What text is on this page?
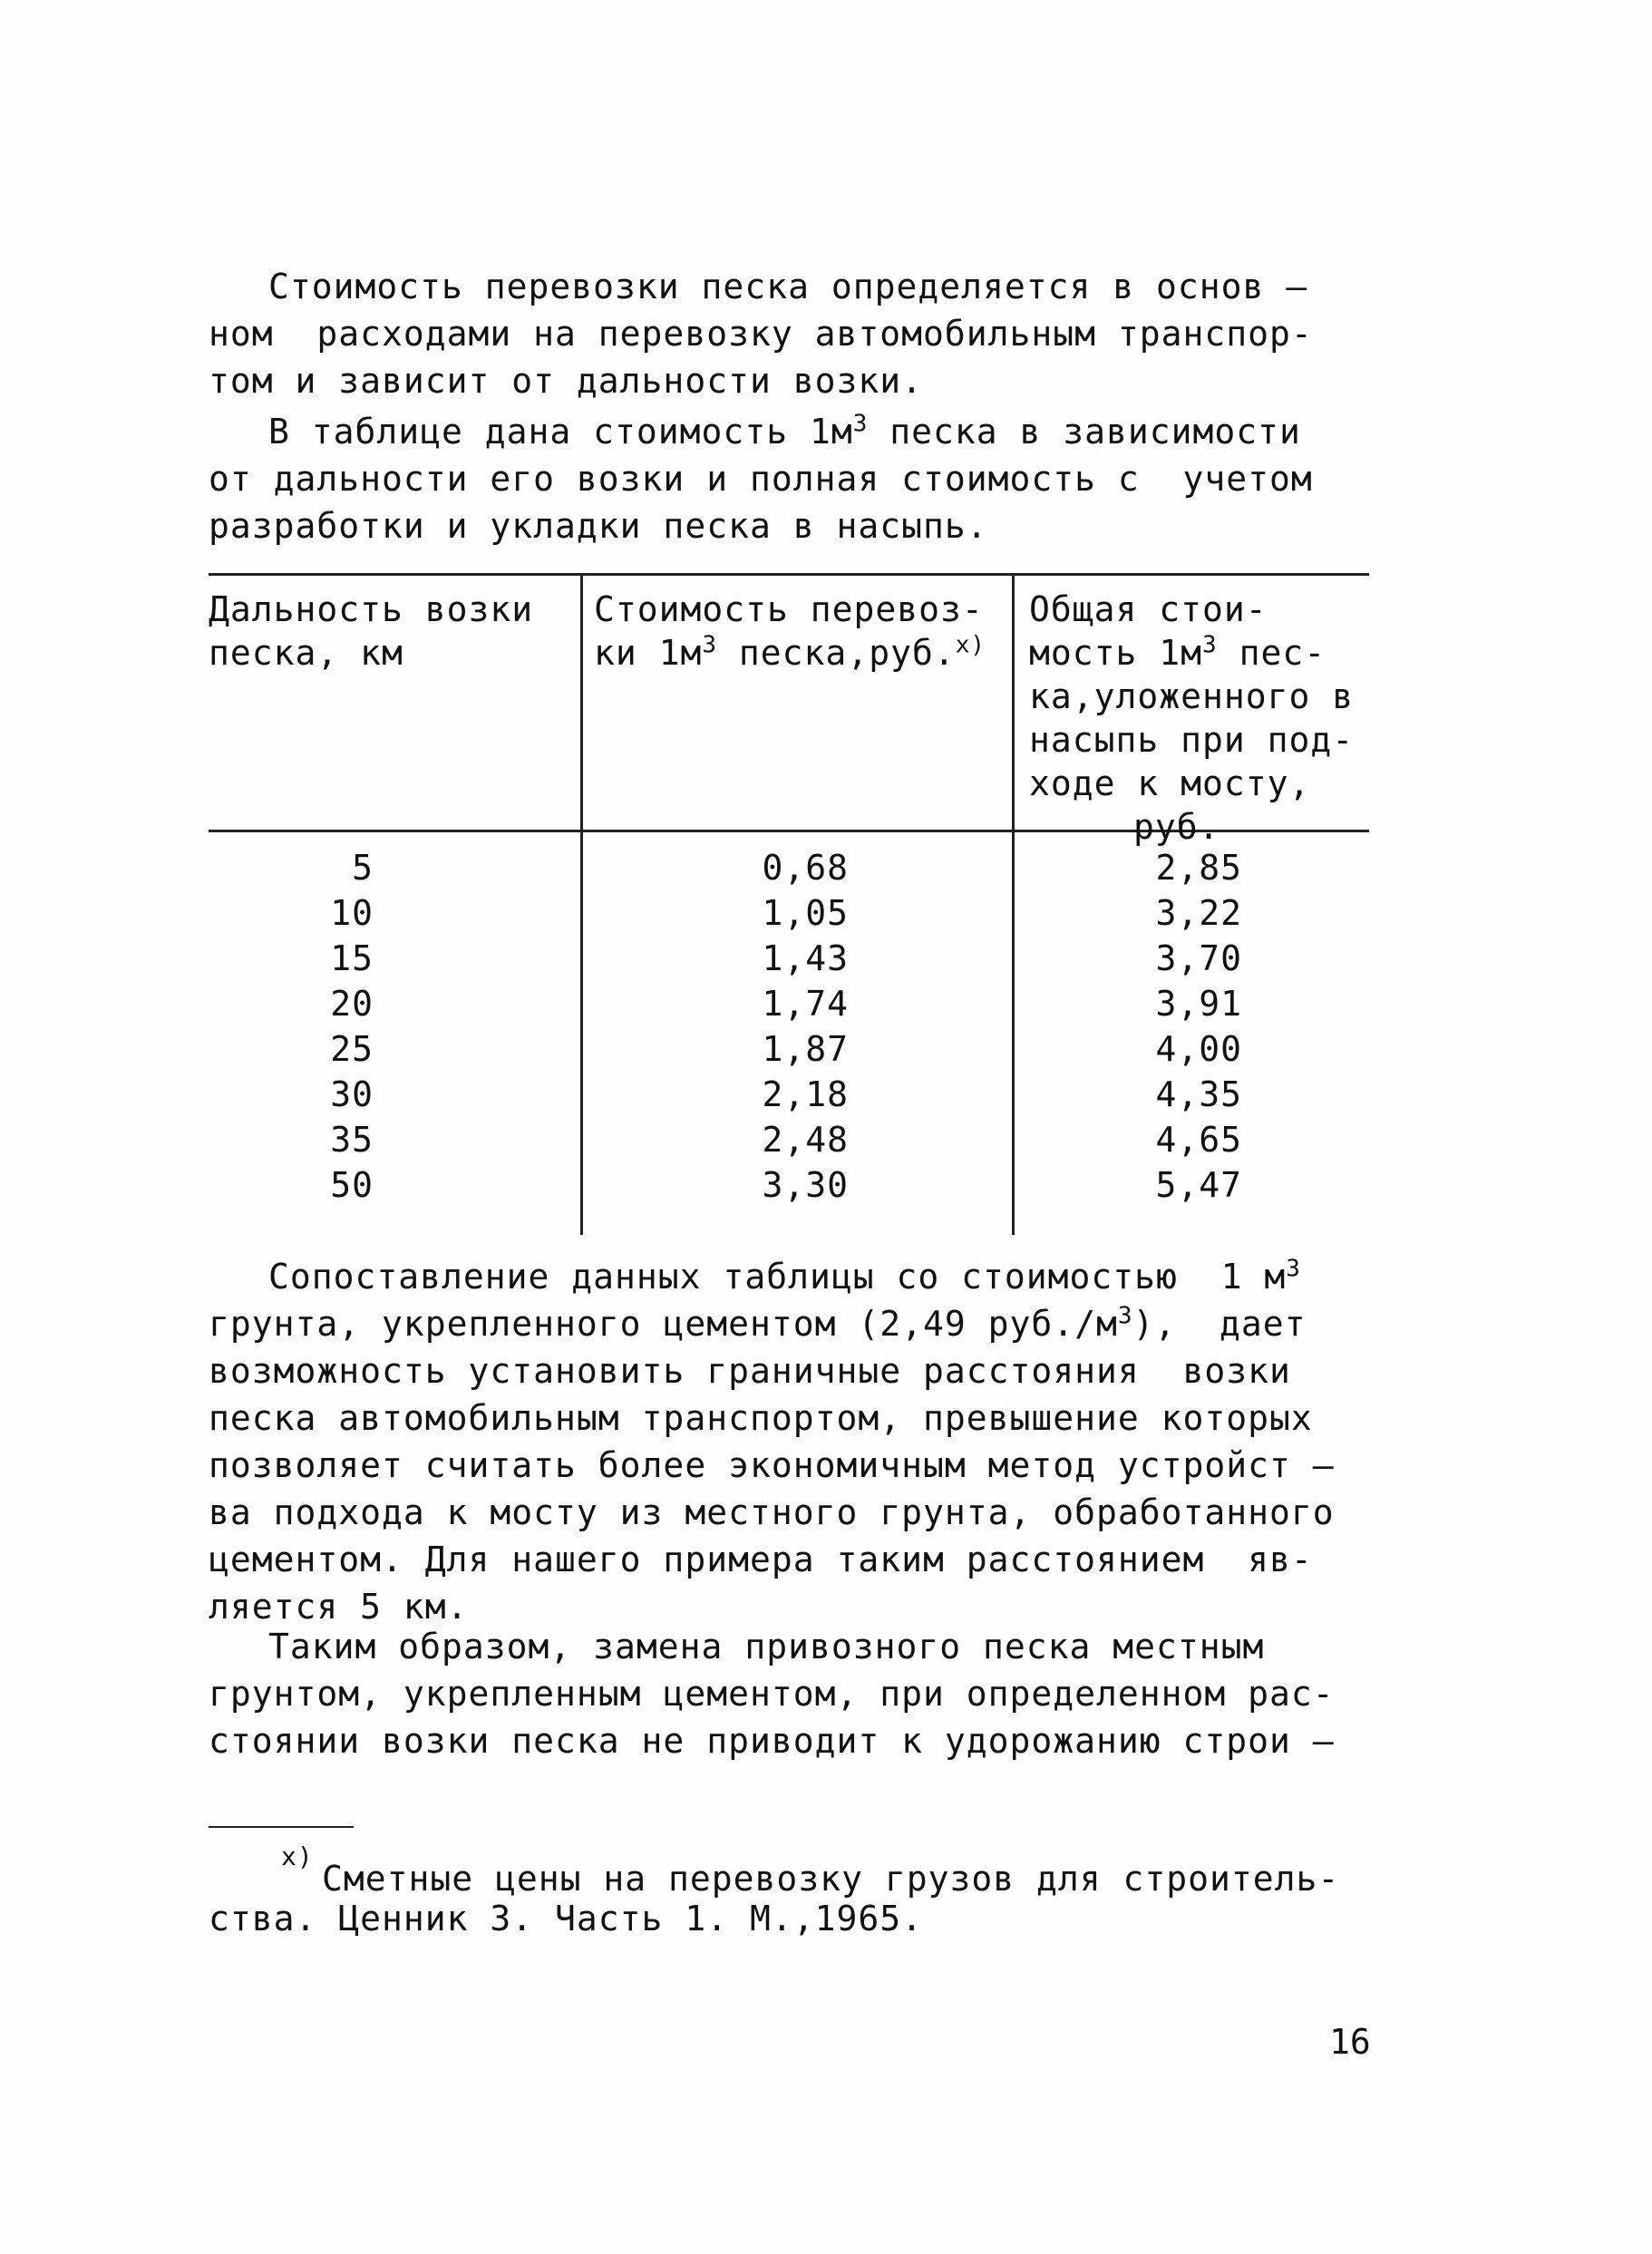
Стоимость перевозки песка определяется в основ –
ном  расходами на перевозку автомобильным транспор-
том и зависит от дальности возки.

В таблице дана стоимость $1м^3$ песка в зависимости
от дальности его возки и полная стоимость с  учетом
разработки и укладки песка в насыпь.

Дальность возки
песка, км
Стоимость перевоз-
ки $1м^3$ песка,руб.$^{x)}$
Общая стои-
мость $1м^3$ пес-
ка,уложенного в
насыпь при под-
ходе к мосту,
руб.
5
10
15
20
25
30
35
50
0,68
1,05
1,43
1,74
1,87
2,18
2,48
3,30
2,85
3,22
3,70
3,91
4,00
4,35
4,65
5,47

Сопоставление данных таблицы со стоимостью  1 $м^3$
грунта, укрепленного цементом (2,49 $руб./м^3$),  дает
возможность установить граничные расстояния  возки
песка автомобильным транспортом, превышение которых
позволяет считать более экономичным метод устройст –
ва подхода к мосту из местного грунта, обработанного
цементом. Для нашего примера таким расстоянием  яв-
ляется 5 км.

Таким образом, замена привозного песка местным
грунтом, укрепленным цементом, при определенном рас-
стоянии возки песка не приводит к удорожанию строи –

x)
Сметные цены на перевозку грузов для строитель-
ства. Ценник 3. Часть 1. М.,1965.
16
